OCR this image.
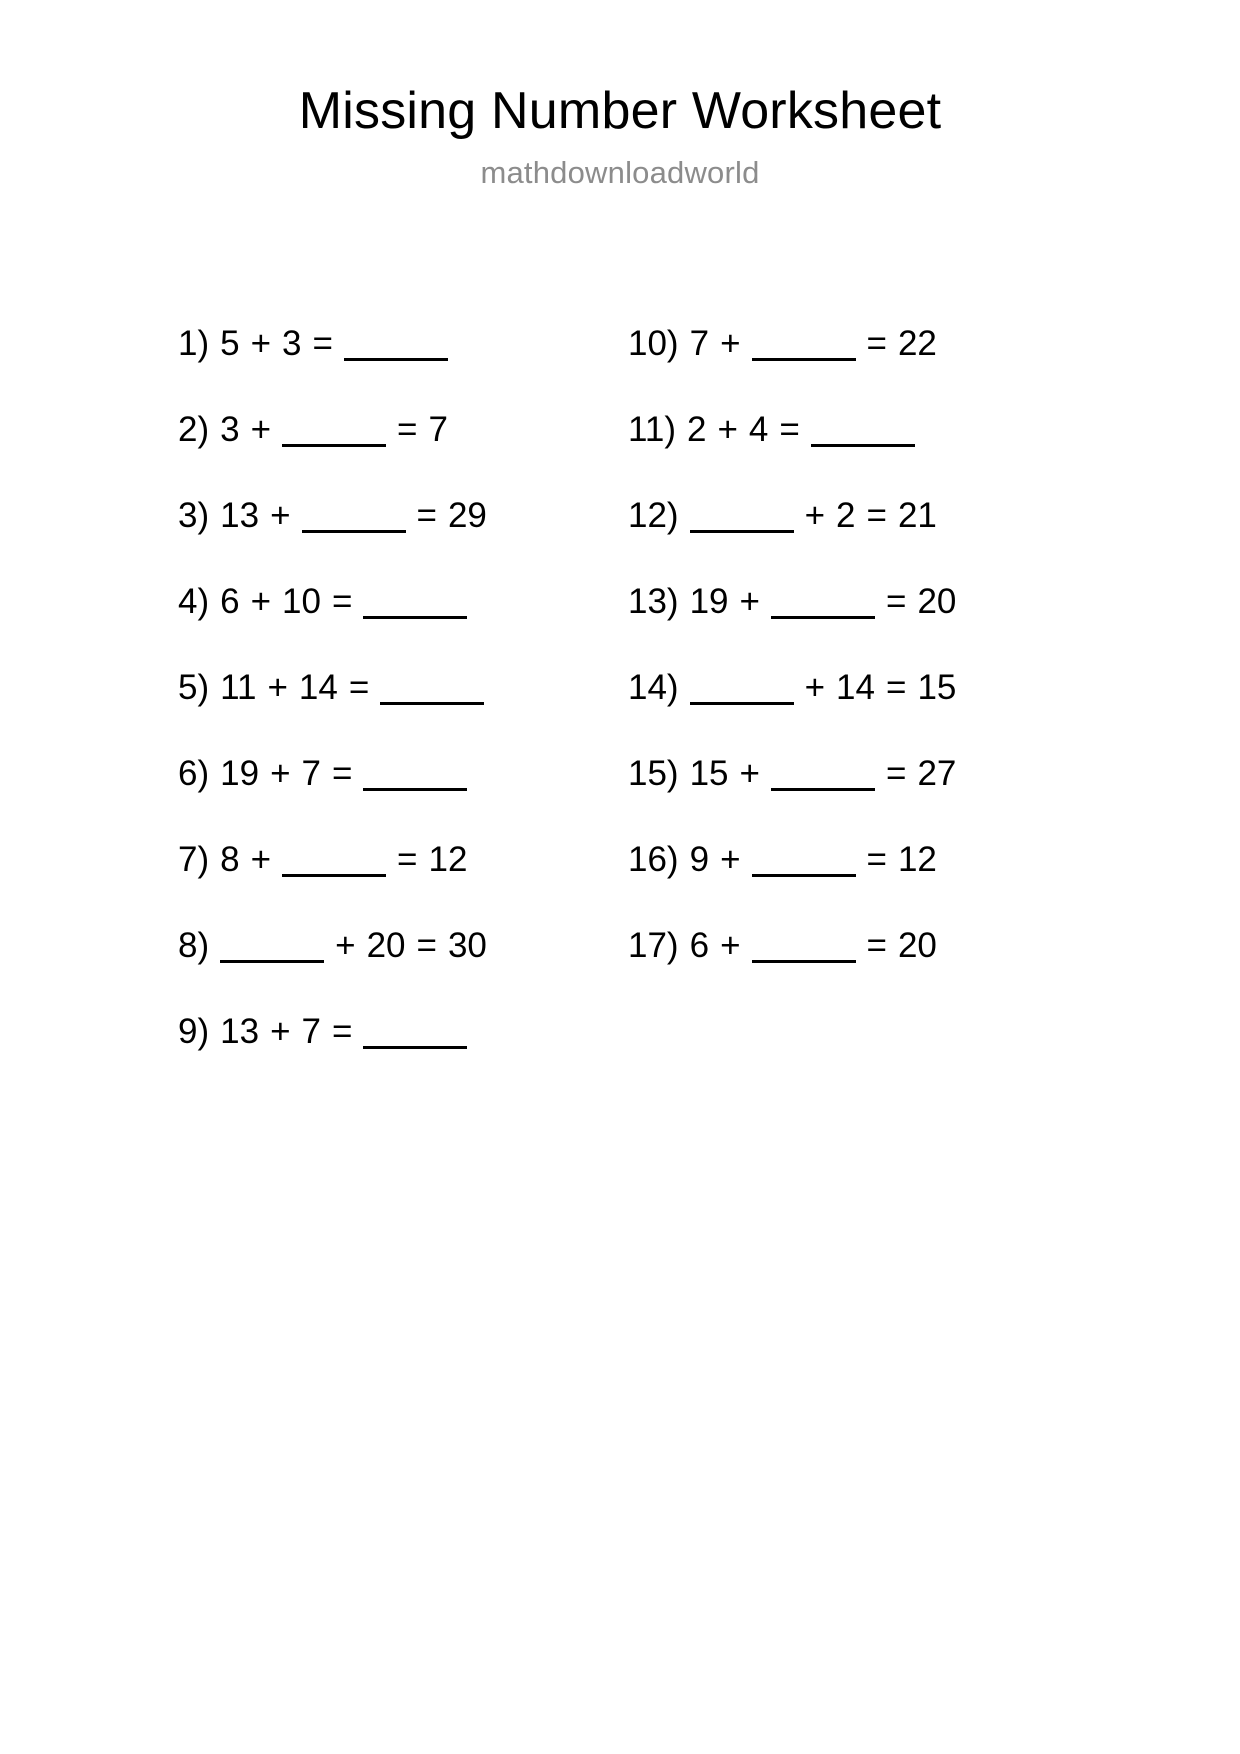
Missing Number Worksheet
mathdownloadworld
1) 5 + 3 =
2) 3 +	= 7
3) 13 +	= 29
4) 6 + 10 =
5) 11 + 14 =
6) 19 + 7 =
7) 8 +	= 12
8)	+ 20 = 30
9) 13 + 7 =
10) 7 +	= 22
11) 2 + 4 =
12)	+ 2 = 21
13) 19 +	= 20
14)	+ 14 = 15
15) 15 +	= 27
16) 9 +	= 12
17) 6 +	= 20
